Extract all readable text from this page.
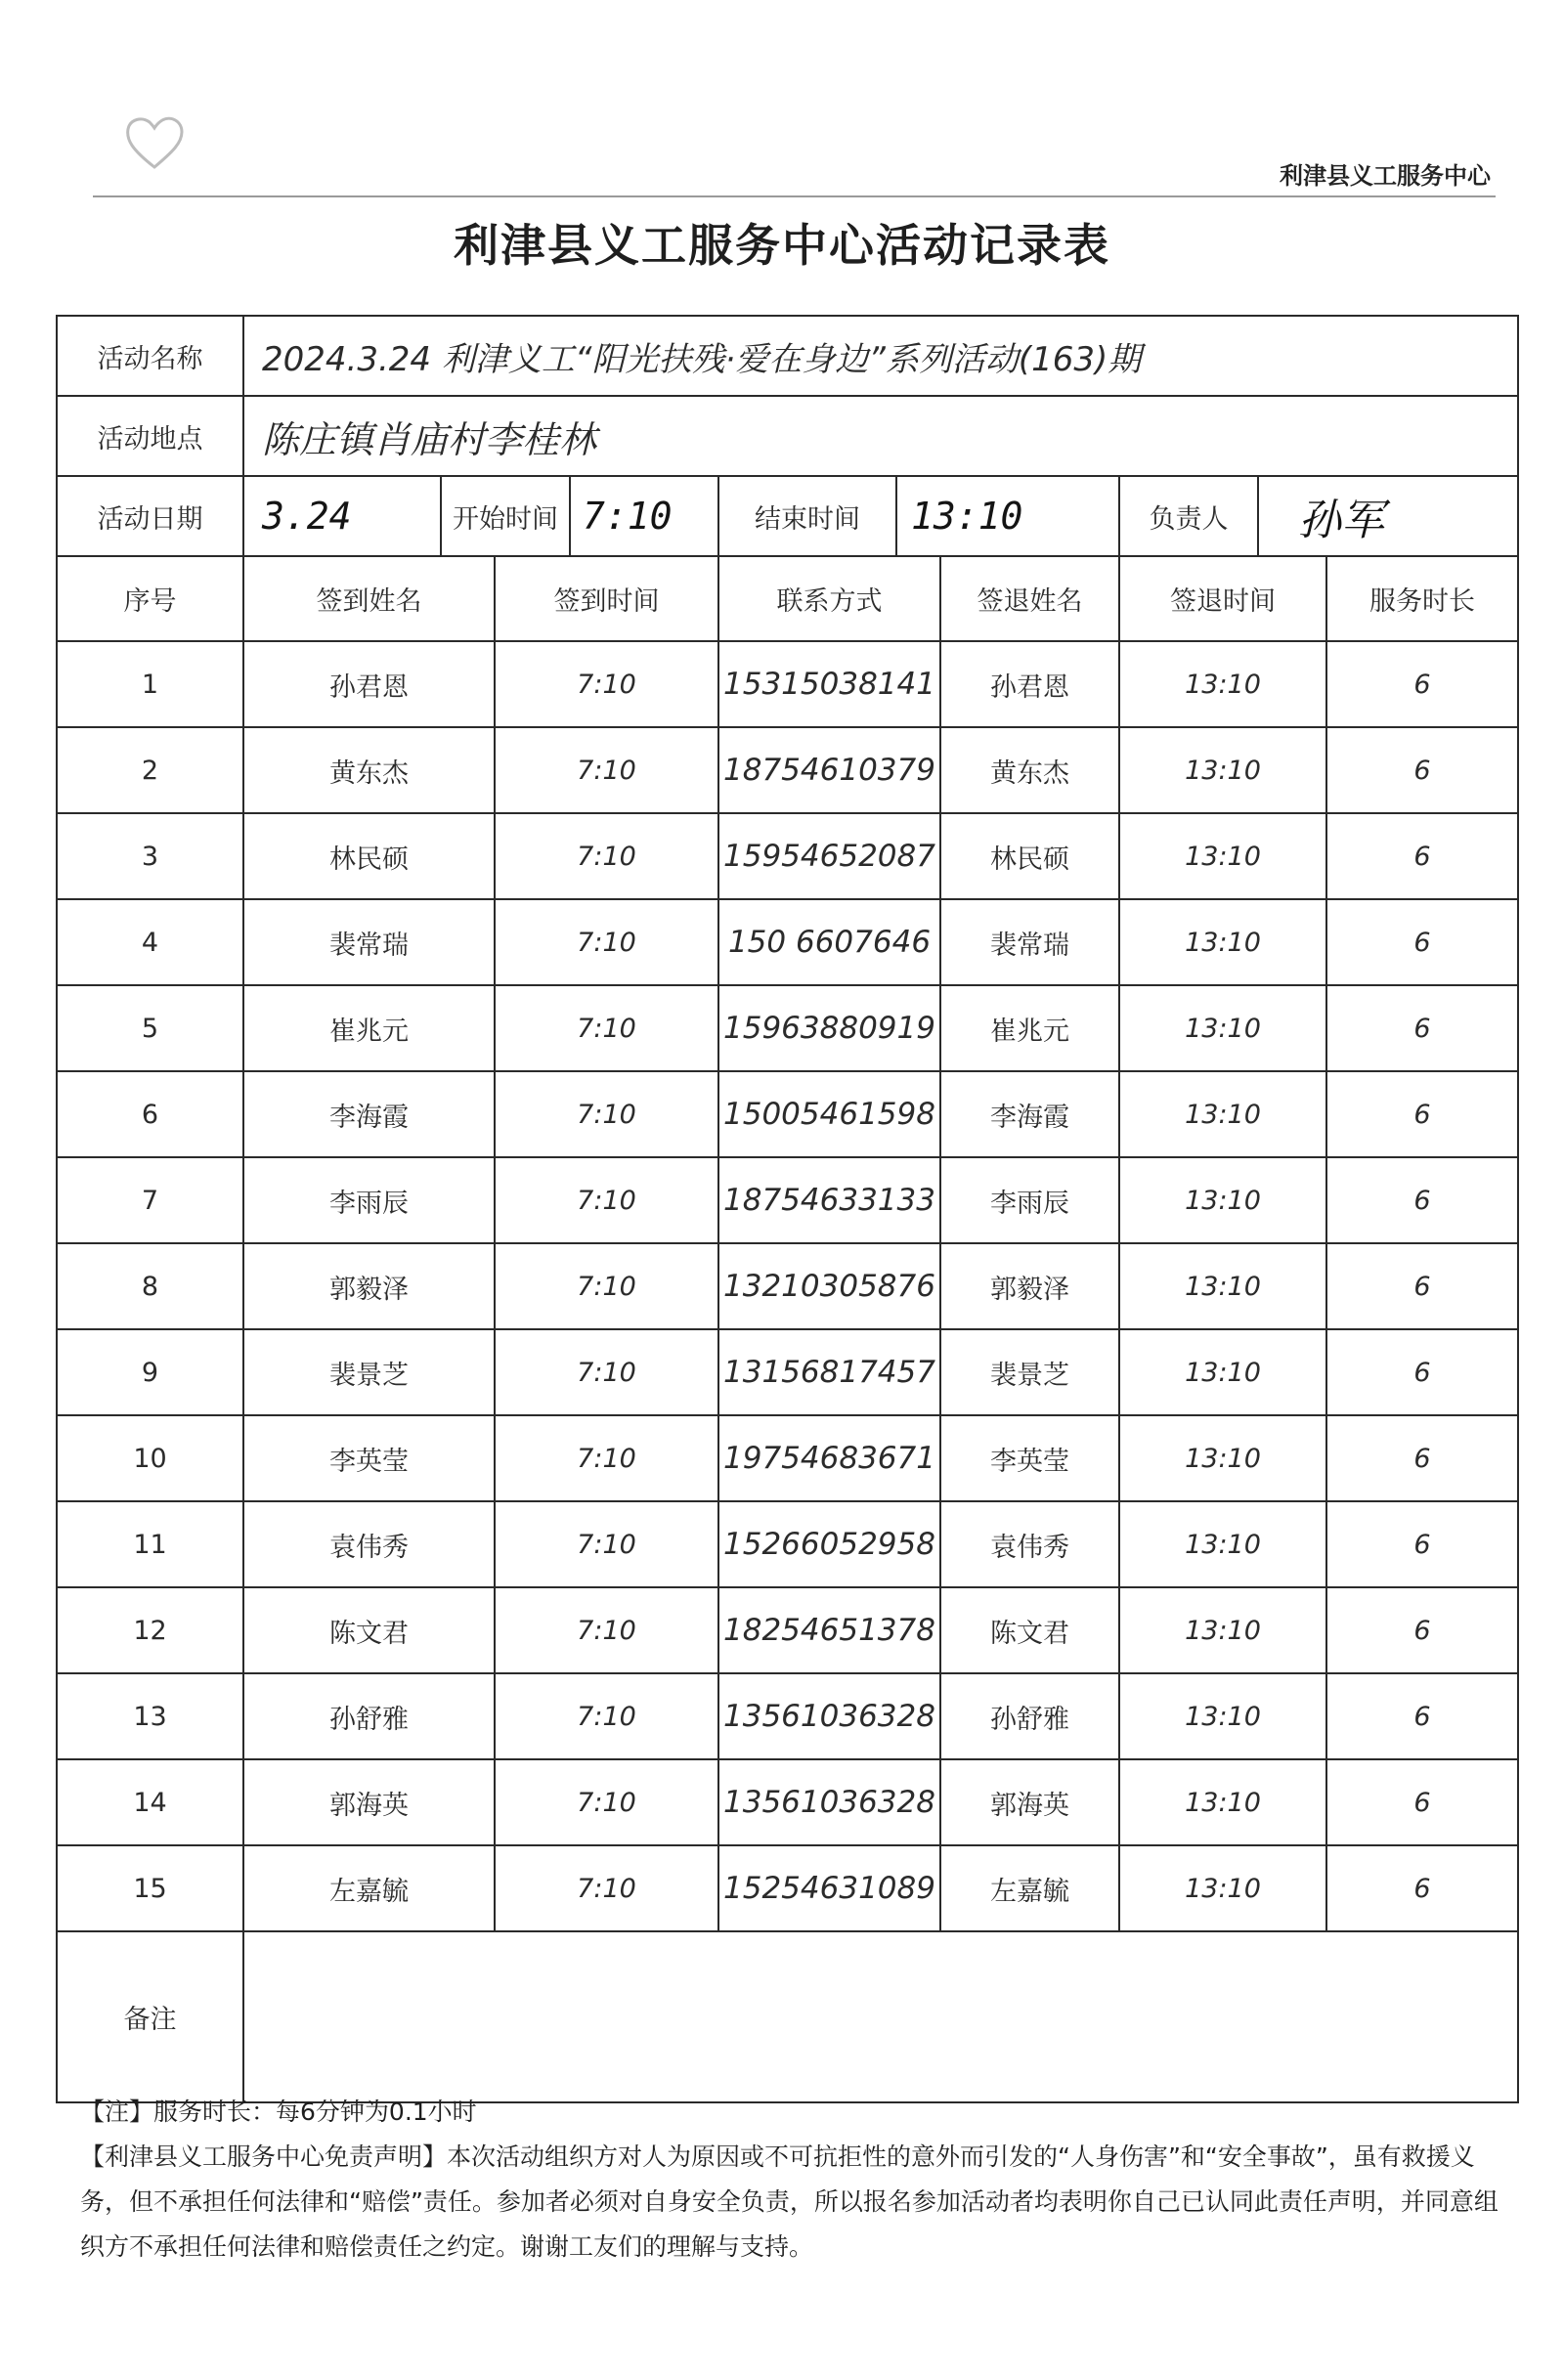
利津县义工服务中心
利津县义工服务中心活动记录表
活动名称	2024.3.24 利津义工“阳光扶残·爱在身边”系列活动(163)期					
活动地点	陈庄镇肖庙村李桂林					
活动日期	3.24 开始时间 7:10		结束时间 13:10		负责人 孙军	

序号	签到姓名	签到时间	联系方式	签退姓名	签退时间	服务时长
1	孙君恩	7:10	15315038141	孙君恩	13:10	6
2	黄东杰	7:10	18754610379	黄东杰	13:10	6
3	林民硕	7:10	15954652087	林民硕	13:10	6
4	裴常瑞	7:10	150 6607646	裴常瑞	13:10	6
5	崔兆元	7:10	15963880919	崔兆元	13:10	6
6	李海霞	7:10	15005461598	李海霞	13:10	6
7	李雨辰	7:10	18754633133	李雨辰	13:10	6
8	郭毅泽	7:10	13210305876	郭毅泽	13:10	6
9	裴景芝	7:10	13156817457	裴景芝	13:10	6
10	李英莹	7:10	19754683671	李英莹	13:10	6
11	袁伟秀	7:10	15266052958	袁伟秀	13:10	6
12	陈文君	7:10	18254651378	陈文君	13:10	6
13	孙舒雅	7:10	13561036328	孙舒雅	13:10	6
14	郭海英	7:10	13561036328	郭海英	13:10	6
15	左嘉毓	7:10	15254631089	左嘉毓	13:10	6
备注						

【注】服务时长：每6分钟为0.1小时

【利津县义工服务中心免责声明】本次活动组织方对人为原因或不可抗拒性的意外而引发的“人身伤害”和“安全事故”，虽有救援义务，但不承担任何法律和“赔偿”责任。参加者必须对自身安全负责，所以报名参加活动者均表明你自己已认同此责任声明，并同意组织方不承担任何法律和赔偿责任之约定。谢谢工友们的理解与支持。
